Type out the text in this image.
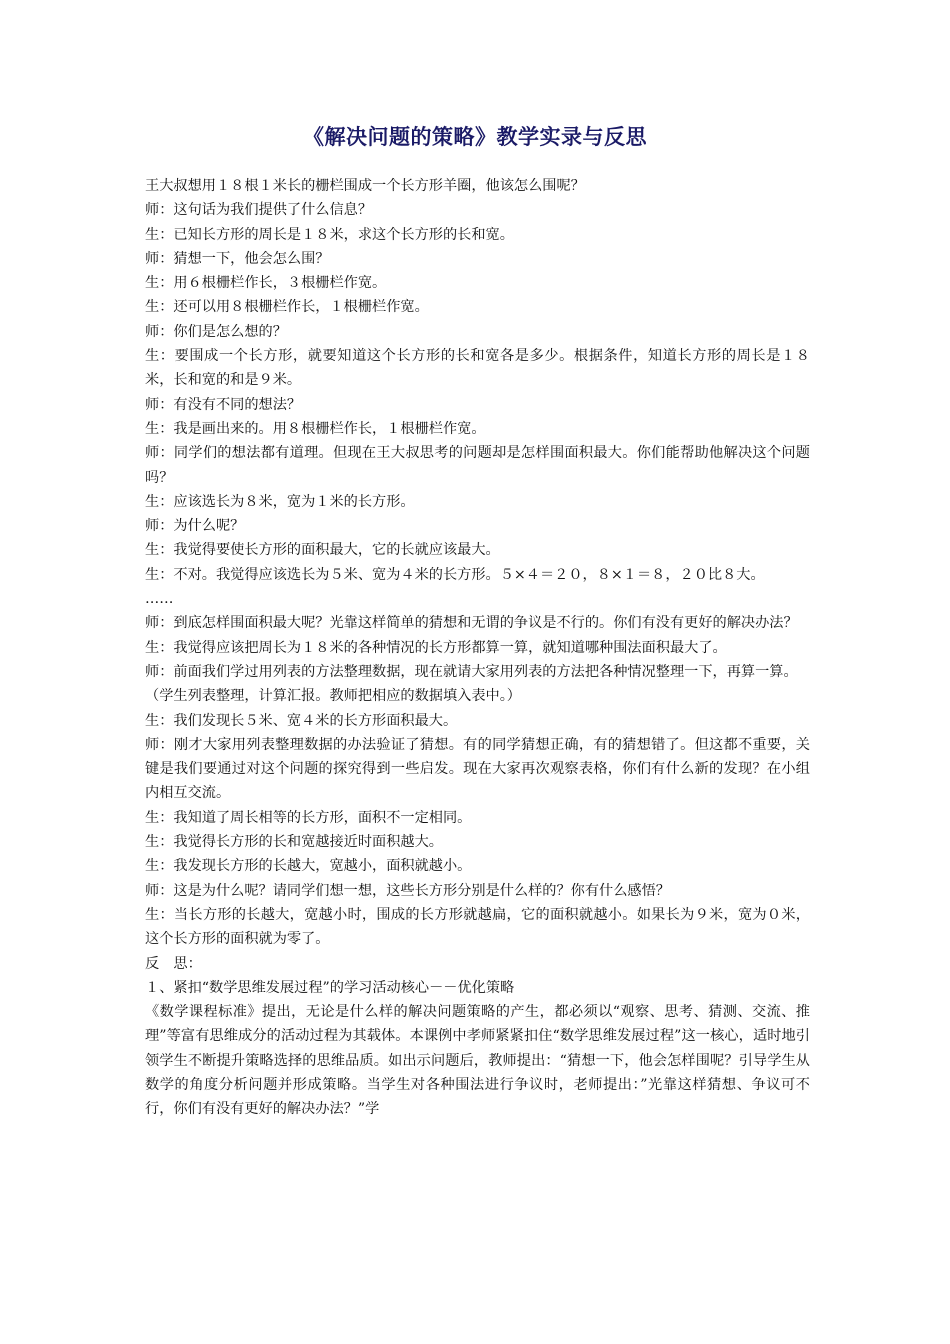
《解决问题的策略》教学实录与反思

王大叔想用１８根１米长的栅栏围成一个长方形羊圈，他该怎么围呢？

师：这句话为我们提供了什么信息？

生：已知长方形的周长是１８米，求这个长方形的长和宽。

师：猜想一下，他会怎么围？

生：用６根栅栏作长，３根栅栏作宽。

生：还可以用８根栅栏作长，１根栅栏作宽。

师：你们是怎么想的？

生：要围成一个长方形，就要知道这个长方形的长和宽各是多少。根据条件，知道长方形的周长是１８米，长和宽的和是９米。

师：有没有不同的想法？

生：我是画出来的。用８根栅栏作长，１根栅栏作宽。

师：同学们的想法都有道理。但现在王大叔思考的问题却是怎样围面积最大。你们能帮助他解决这个问题吗？

生：应该选长为８米，宽为１米的长方形。

师：为什么呢？

生：我觉得要使长方形的面积最大，它的长就应该最大。

生：不对。我觉得应该选长为５米、宽为４米的长方形。５×４＝２０，８×１＝８，２０比８大。

……

师：到底怎样围面积最大呢？光靠这样简单的猜想和无谓的争议是不行的。你们有没有更好的解决办法？

生：我觉得应该把周长为１８米的各种情况的长方形都算一算，就知道哪种围法面积最大了。

师：前面我们学过用列表的方法整理数据，现在就请大家用列表的方法把各种情况整理一下，再算一算。

（学生列表整理，计算汇报。教师把相应的数据填入表中。）

生：我们发现长５米、宽４米的长方形面积最大。

师：刚才大家用列表整理数据的办法验证了猜想。有的同学猜想正确，有的猜想错了。但这都不重要，关键是我们要通过对这个问题的探究得到一些启发。现在大家再次观察表格，你们有什么新的发现？在小组内相互交流。

生：我知道了周长相等的长方形，面积不一定相同。

生：我觉得长方形的长和宽越接近时面积越大。

生：我发现长方形的长越大，宽越小，面积就越小。

师：这是为什么呢？请同学们想一想，这些长方形分别是什么样的？你有什么感悟？

生：当长方形的长越大，宽越小时，围成的长方形就越扁，它的面积就越小。如果长为９米，宽为０米，这个长方形的面积就为零了。

反　思：

１、紧扣“数学思维发展过程”的学习活动核心－－优化策略

《数学课程标准》提出，无论是什么样的解决问题策略的产生，都必须以“观察、思考、猜测、交流、推理”等富有思维成分的活动过程为其载体。本课例中孝师紧紧扣住“数学思维发展过程”这一核心，适时地引领学生不断提升策略选择的思维品质。如出示问题后，教师提出：“猜想一下，他会怎样围呢？引导学生从数学的角度分析问题并形成策略。当学生对各种围法进行争议时，老师提出：”光靠这样猜想、争议可不行，你们有没有更好的解决办法？”学
